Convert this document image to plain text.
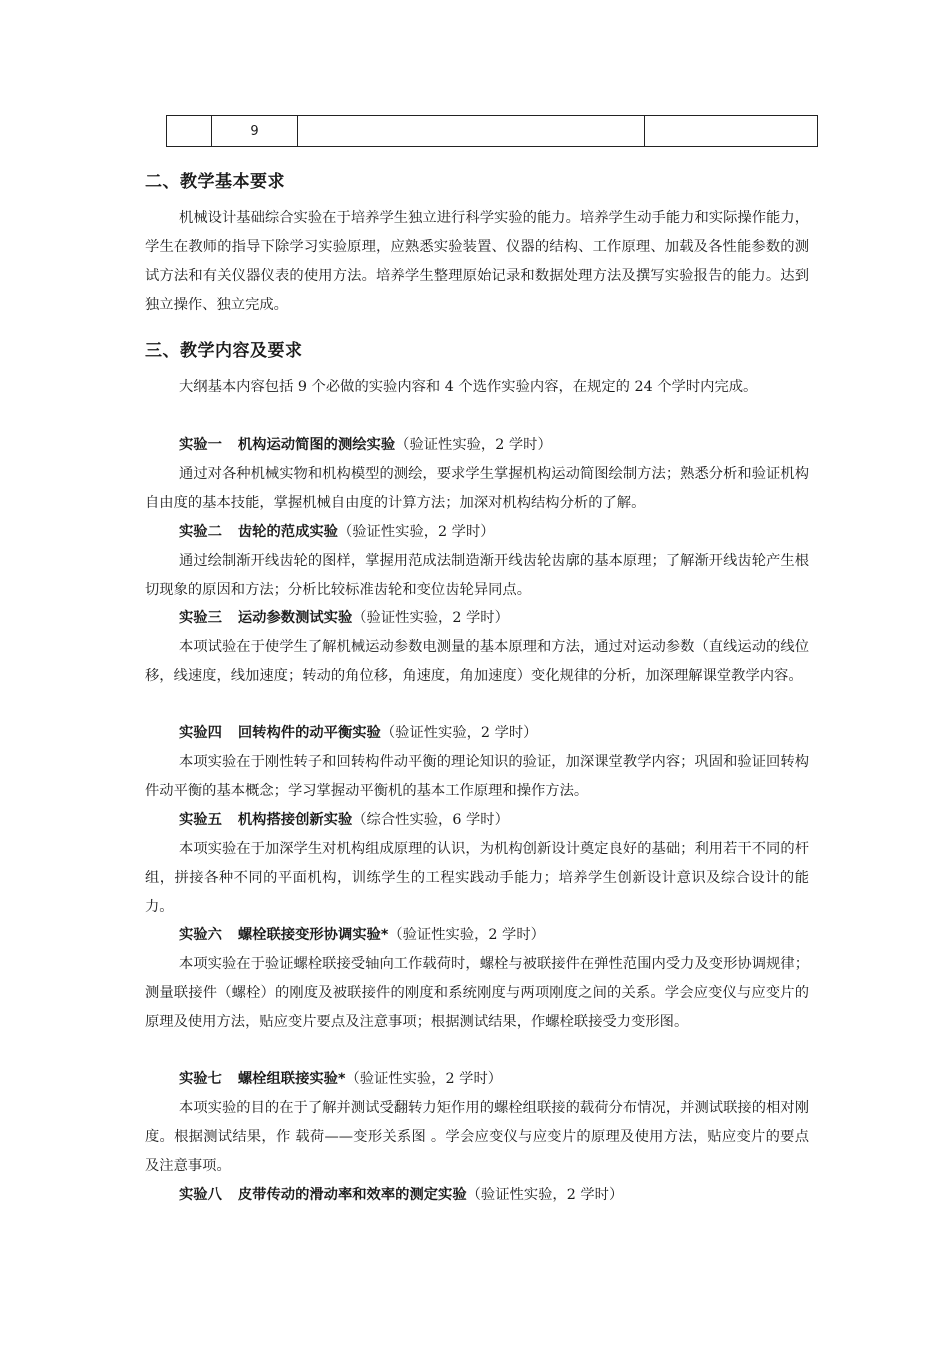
	9		
二、教学基本要求

机械设计基础综合实验在于培养学生独立进行科学实验的能力。培养学生动手能力和实际操作能力，学生在教师的指导下除学习实验原理，应熟悉实验装置、仪器的结构、工作原理、加载及各性能参数的测试方法和有关仪器仪表的使用方法。培养学生整理原始记录和数据处理方法及撰写实验报告的能力。达到独立操作、独立完成。

三、教学内容及要求

大纲基本内容包括 9 个必做的实验内容和 4 个选作实验内容，在规定的 24 个学时内完成。

实验一 机构运动简图的测绘实验（验证性实验，2 学时）

通过对各种机械实物和机构模型的测绘，要求学生掌握机构运动简图绘制方法；熟悉分析和验证机构自由度的基本技能，掌握机械自由度的计算方法；加深对机构结构分析的了解。

实验二 齿轮的范成实验（验证性实验，2 学时）

通过绘制渐开线齿轮的图样，掌握用范成法制造渐开线齿轮齿廓的基本原理；了解渐开线齿轮产生根切现象的原因和方法；分析比较标准齿轮和变位齿轮异同点。

实验三 运动参数测试实验（验证性实验，2 学时）

本项试验在于使学生了解机械运动参数电测量的基本原理和方法，通过对运动参数（直线运动的线位移，线速度，线加速度；转动的角位移，角速度，角加速度）变化规律的分析，加深理解课堂教学内容。

实验四 回转构件的动平衡实验（验证性实验，2 学时）

本项实验在于刚性转子和回转构件动平衡的理论知识的验证，加深课堂教学内容；巩固和验证回转构件动平衡的基本概念；学习掌握动平衡机的基本工作原理和操作方法。

实验五 机构搭接创新实验（综合性实验，6 学时）

本项实验在于加深学生对机构组成原理的认识，为机构创新设计奠定良好的基础；利用若干不同的杆组，拼接各种不同的平面机构，训练学生的工程实践动手能力；培养学生创新设计意识及综合设计的能力。

实验六 螺栓联接变形协调实验*（验证性实验，2 学时）

本项实验在于验证螺栓联接受轴向工作载荷时，螺栓与被联接件在弹性范围内受力及变形协调规律；测量联接件（螺栓）的刚度及被联接件的刚度和系统刚度与两项刚度之间的关系。学会应变仪与应变片的原理及使用方法，贴应变片要点及注意事项；根据测试结果，作螺栓联接受力变形图。

实验七 螺栓组联接实验*（验证性实验，2 学时）

本项实验的目的在于了解并测试受翻转力矩作用的螺栓组联接的载荷分布情况，并测试联接的相对刚度。根据测试结果，作 载荷——变形关系图 。学会应变仪与应变片的原理及使用方法，贴应变片的要点及注意事项。

实验八 皮带传动的滑动率和效率的测定实验（验证性实验，2 学时）
